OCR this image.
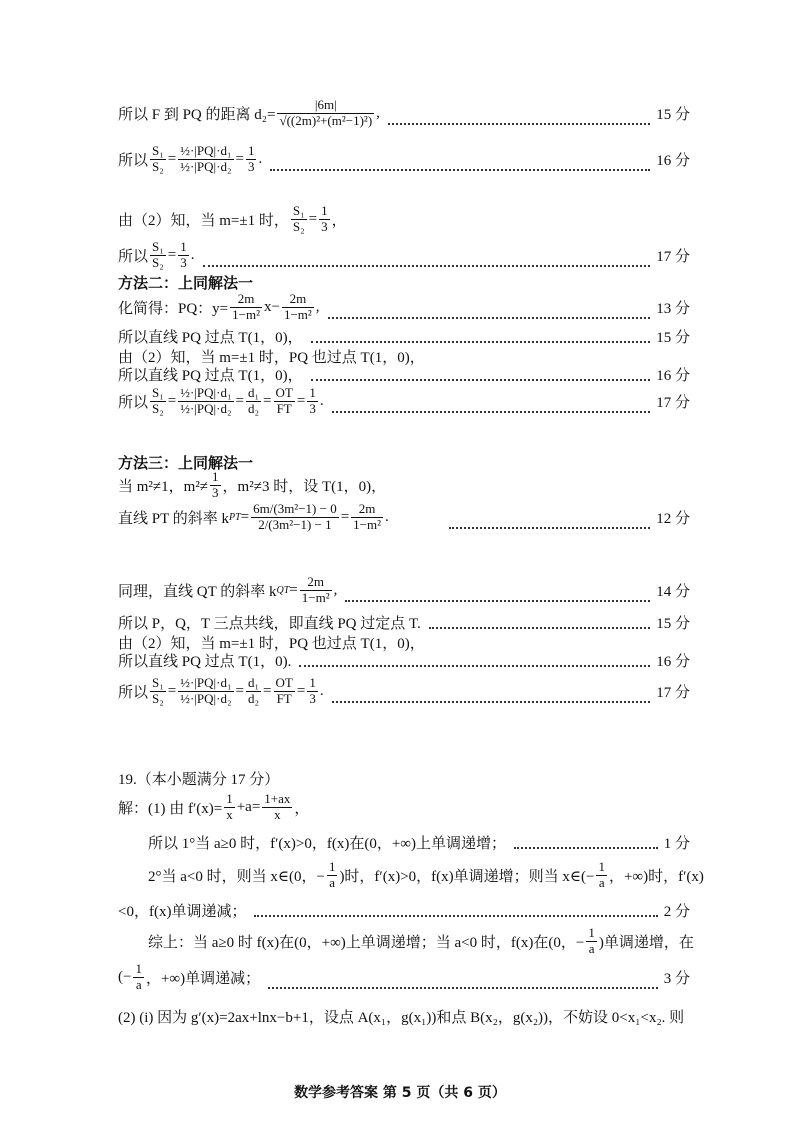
所以 F 到 PQ 的距离 $d_2= \frac{|6m|}{\text{√((2m)²+(m²−1)²)}}$ ,	15 分
所以 $\frac{\text{S₁}}{\text{S₂}} = \frac{\text{½·|PQ|·d₁}}{\text{½·|PQ|·d₂}} = \frac{1}{3}$ .	16 分
由（2）知，当 m=±1 时， $\frac{\text{S₁}}{\text{S₂}} = \frac{1}{3}$ ，
所以 $\frac{\text{S₁}}{\text{S₂}} = \frac{1}{3}$ .	17 分
方法二：上同解法一
化简得：PQ：$y= \frac{2m}{\text{1−m²}} x- \frac{2m}{\text{1−m²}}$ ,	13 分
所以直线 PQ 过点 T(1，0)，	15 分
由（2）知，当 m=±1 时，PQ 也过点 T(1，0)，
所以直线 PQ 过点 T(1，0)，	16 分
所以 $\frac{\text{S₁}}{\text{S₂}} = \frac{\text{½·|PQ|·d₁}}{\text{½·|PQ|·d₂}} = \frac{\text{d₁}}{\text{d₂}} = \frac{OT}{FT} = \frac{1}{3}$ .	17 分
方法三：上同解法一
当 m²≠1，$m^2\ne \frac{1}{3}$ ，m²≠3 时，设 T(1，0)，
直线 PT 的斜率 k PT = $\frac{\text{6m/(3m²−1) − 0}}{\text{2/(3m²−1) − 1}} = \frac{2m}{\text{1−m²}}$ .	12 分
同理，直线 QT 的斜率 k QT = $\frac{2m}{\text{1−m²}}$ ,	14 分
所以 P，Q，T 三点共线，即直线 PQ 过定点 T.	15 分
由（2）知，当 m=±1 时，PQ 也过点 T(1，0)，
所以直线 PQ 过点 T(1，0).	16 分
所以 $\frac{\text{S₁}}{\text{S₂}} = \frac{\text{½·|PQ|·d₁}}{\text{½·|PQ|·d₂}} = \frac{\text{d₁}}{\text{d₂}} = \frac{OT}{FT} = \frac{1}{3}$ .	17 分
19.（本小题满分 17 分）
解：(1) 由 $f'(x)= \frac{1}{x} +a= \frac{1+ax}{x}$ ，
所以 1°当 a≥0 时，f′(x)>0，f(x)在(0，+∞)上单调递增；	1 分
2°当 a<0 时，则当 x∈(0，− $\frac{1}{a}$ )时，f′(x)>0，f(x)单调递增；则当 x∈(− $\frac{1}{a}$ ，+∞)时，f′(x)
<0，f(x)单调递减；	2 分
综上：当 a≥0 时 f(x)在(0，+∞)上单调递增；当 a<0 时，f(x)在(0，− $\frac{1}{a}$ )单调递增，在
(− $\frac{1}{a}$ ，+∞)单调递减；	3 分
(2) (i) 因为 g′(x)=2ax+lnx−b+1，设点 A(x₁，g(x₁))和点 B(x₂，g(x₂))，不妨设 0<x₁<x₂. 则
数学参考答案 第 5 页（共 6 页）
